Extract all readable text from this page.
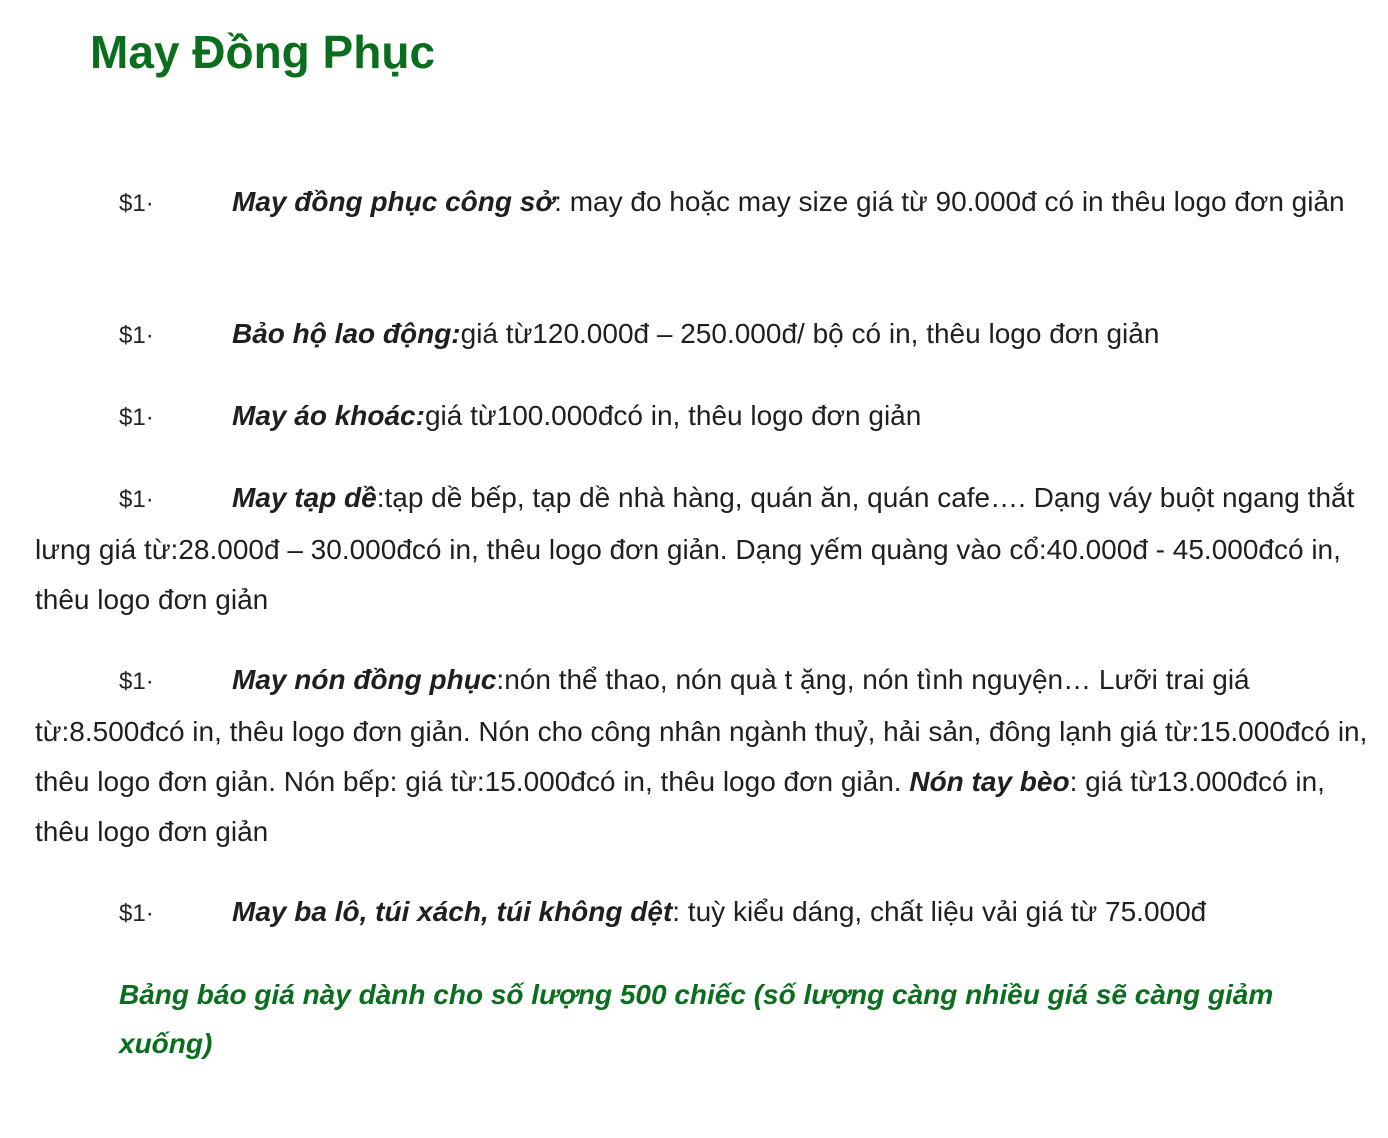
May Đồng Phục

$1·	May đồng phục công sở: may đo hoặc may size giá từ 90.000đ có in thêu logo đơn giản

$1·	Bảo hộ lao động:giá từ120.000đ – 250.000đ/ bộ có in, thêu logo đơn giản

$1·	May áo khoác:giá từ100.000đcó in, thêu logo đơn giản

$1·	May tạp dề:tạp dề bếp, tạp dề nhà hàng, quán ăn, quán cafe…. Dạng váy buột ngang thắt lưng giá từ:28.000đ – 30.000đcó in, thêu logo đơn giản. Dạng yếm quàng vào cổ:40.000đ - 45.000đcó in, thêu logo đơn giản

$1·	May nón đồng phục:nón thể thao, nón quà t ặng, nón tình nguyện… Lưỡi trai giá từ:8.500đcó in, thêu logo đơn giản. Nón cho công nhân ngành thuỷ, hải sản, đông lạnh giá từ:15.000đcó in, thêu logo đơn giản. Nón bếp: giá từ:15.000đcó in, thêu logo đơn giản. Nón tay bèo: giá từ13.000đcó in, thêu logo đơn giản

$1·	May ba lô, túi xách, túi không dệt: tuỳ kiểu dáng, chất liệu vải giá từ 75.000đ

Bảng báo giá này dành cho số lượng 500 chiếc (số lượng càng nhiều giá sẽ càng giảm xuống)
